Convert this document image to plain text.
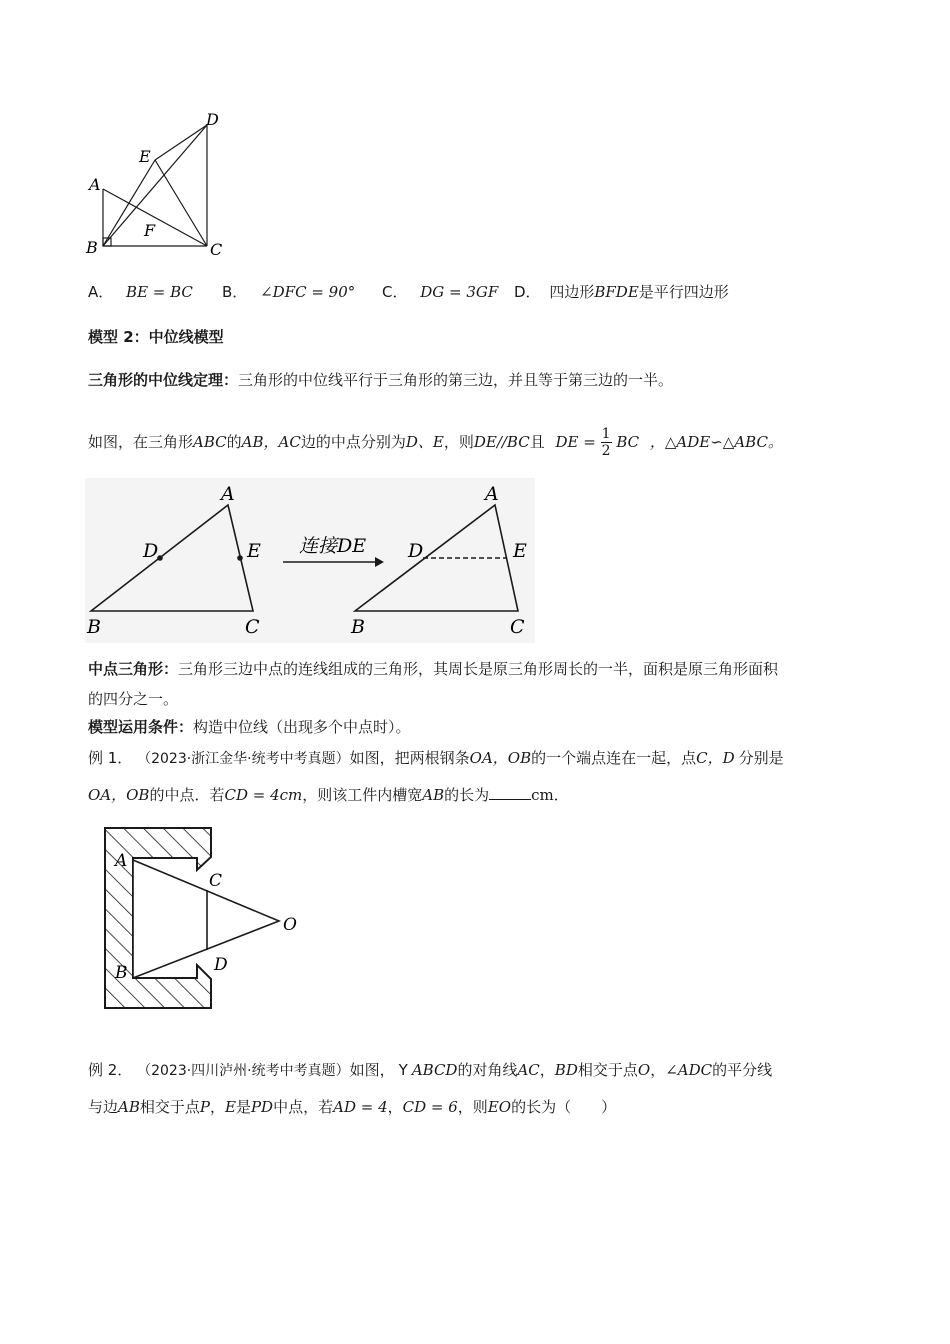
D
E
A
F
B	C
A． BE = BC B． ∠DFC = 90° C． DG = 3GF D． 四边形BFDE是平行四边形
模型 2：中位线模型
三角形的中位线定理：三角形的中位线平行于三角形的第三边，并且等于第三边的一半。
如图，在三角形ABC的AB，AC边的中点分别为D、E，则DE//BC且 DE = $\frac{1}{2}$ BC ，△ADE∽△ABC。
A
D	E
B	C
连接DE
A
D	E
B	C
中点三角形：三角形三边中点的连线组成的三角形，其周长是原三角形周长的一半，面积是原三角形面积
的四分之一。
模型运用条件：构造中位线（出现多个中点时）。
例 1． （2023·浙江金华·统考中考真题）如图，把两根钢条OA，OB的一个端点连在一起，点C，D 分别是
OA，OB的中点．若CD = 4cm，则该工件内槽宽AB的长为	cm．
A
C
O
B	D
例 2． （2023·四川泸州·统考中考真题）如图， Y ABCD的对角线AC，BD相交于点O，∠ADC的平分线
与边AB相交于点P，E是PD中点，若AD = 4，CD = 6，则EO的长为（　　）
